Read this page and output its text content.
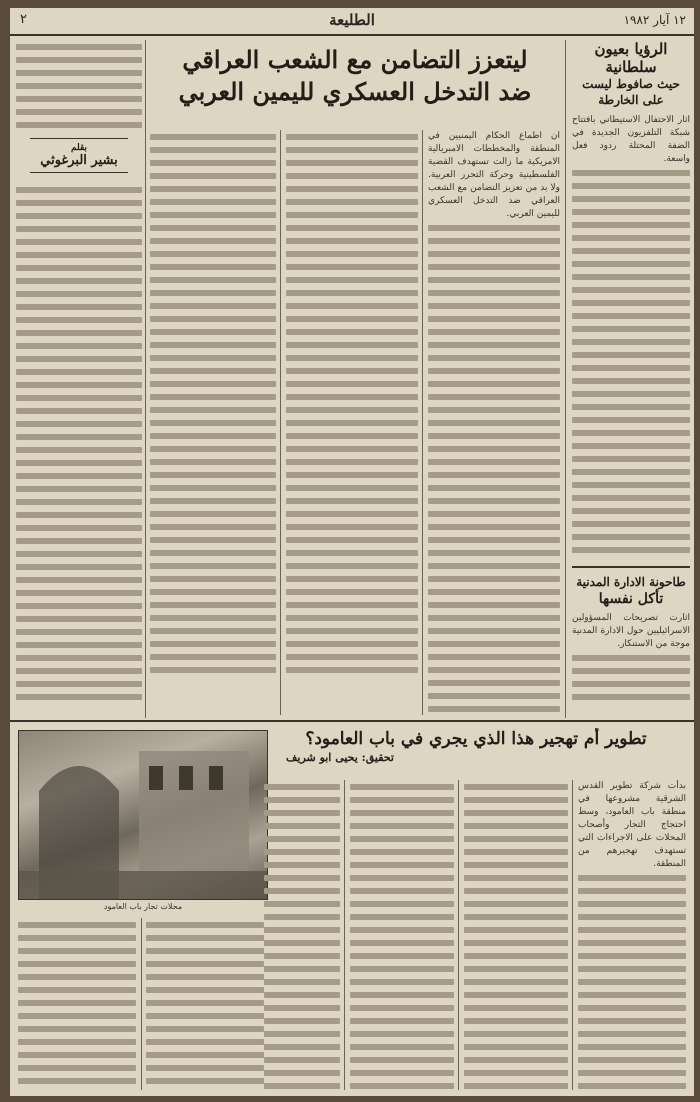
١٢ آيار ١٩٨٢
الطليعة
٢
الرؤيا بعيون سلطانية
حيث صافوط ليست على الخارطة

اثار الاحتفال الاستيطاني بافتتاح شبكة التلفزيون الجديدة في الضفة المحتلة ردود فعل واسعة.

طاحونة الادارة المدنية
تأكل نفسها

اثارت تصريحات المسؤولين الاسرائيليين حول الادارة المدنية موجة من الاستنكار.

ليتعزز التضامن مع الشعب العراقي
ضد التدخل العسكري لليمين العربي

ان اطماع الحكام اليمنيين في المنطقة والمخططات الامبريالية الامريكية ما زالت تستهدف القضية الفلسطينية وحركة التحرر العربية. ولا بد من تعزيز التضامن مع الشعب العراقي ضد التدخل العسكري لليمين العربي.

بقلم
بشير البرغوثي
تطوير أم تهجير هذا الذي يجري في باب العامود؟
تحقيق: يحيى ابو شريف
محلات تجار باب العامود

بدأت شركة تطوير القدس الشرقية مشروعها في منطقة باب العامود، وسط احتجاج التجار وأصحاب المحلات على الاجراءات التي تستهدف تهجيرهم من المنطقة.
